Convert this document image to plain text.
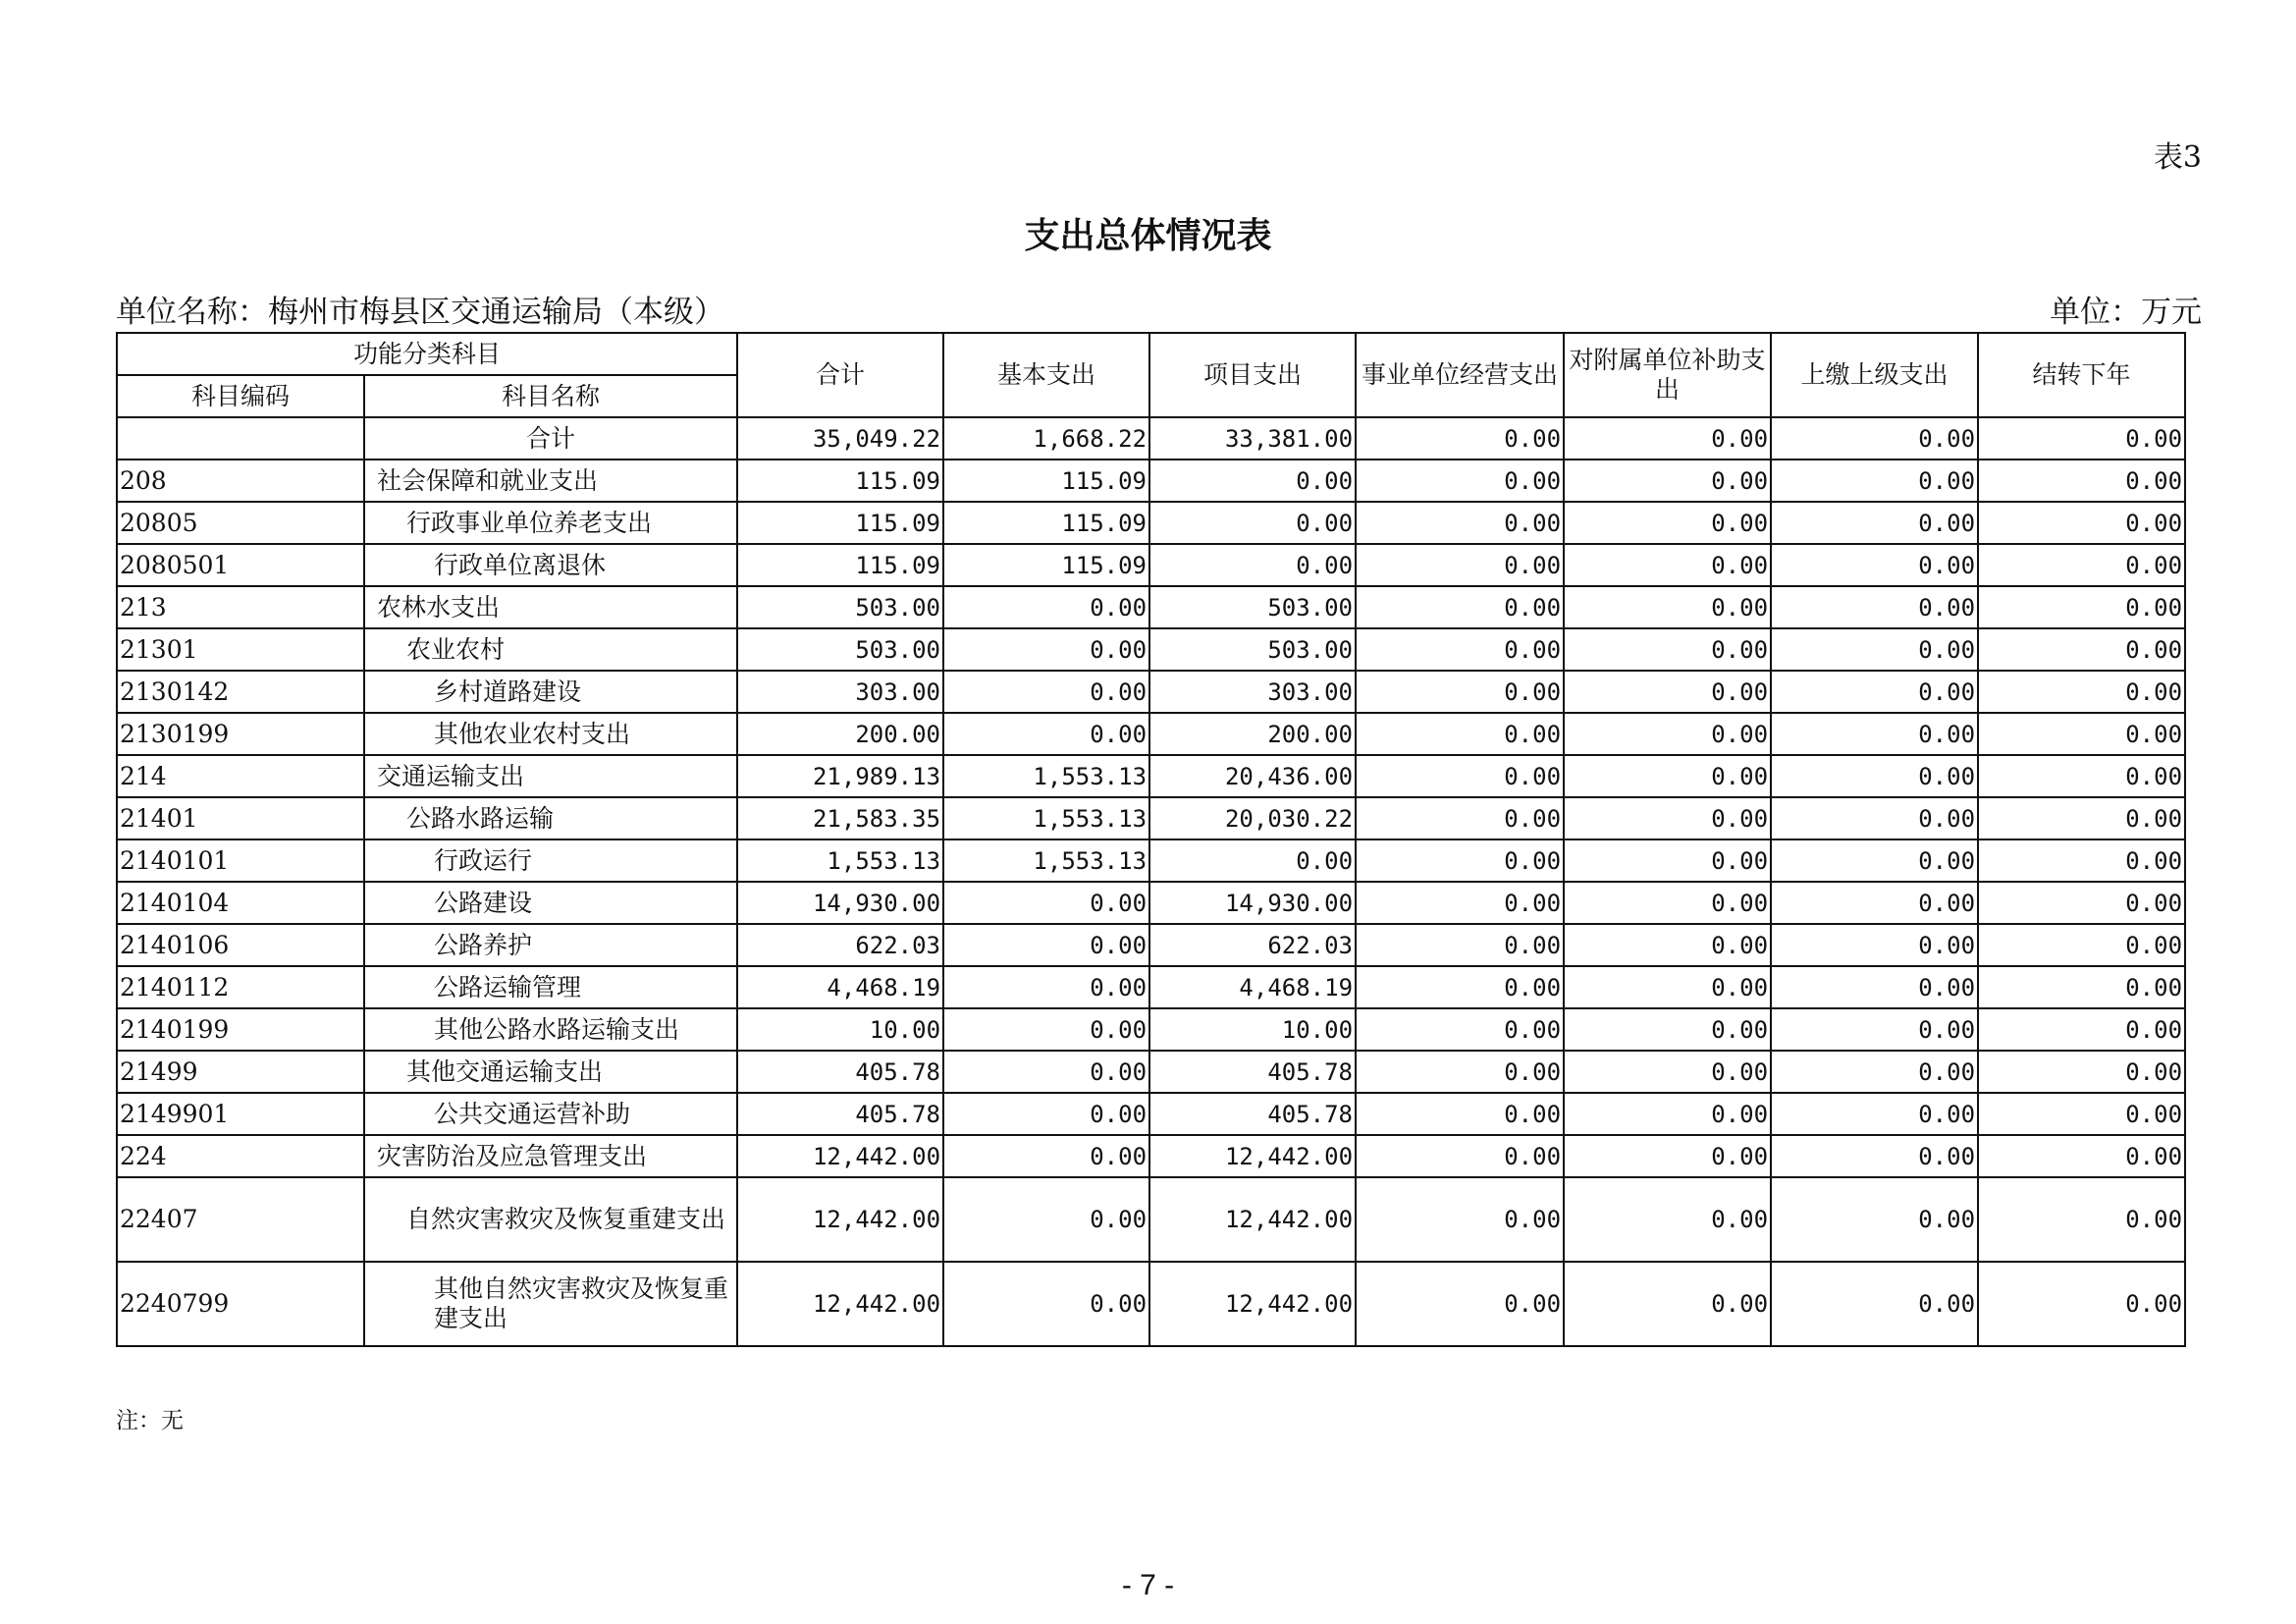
表3
支出总体情况表
单位名称：梅州市梅县区交通运输局（本级）	单位：万元
功能分类科目		合计	基本支出	项目支出	事业单位经营支出	对附属单位补助支出	上缴上级支出	结转下年
科目编码	科目名称							
	合计	35,049.22	1,668.22	33,381.00	0.00	0.00	0.00	0.00
208	社会保障和就业支出	115.09	115.09	0.00	0.00	0.00	0.00	0.00
20805	行政事业单位养老支出	115.09	115.09	0.00	0.00	0.00	0.00	0.00
2080501	行政单位离退休	115.09	115.09	0.00	0.00	0.00	0.00	0.00
213	农林水支出	503.00	0.00	503.00	0.00	0.00	0.00	0.00
21301	农业农村	503.00	0.00	503.00	0.00	0.00	0.00	0.00
2130142	乡村道路建设	303.00	0.00	303.00	0.00	0.00	0.00	0.00
2130199	其他农业农村支出	200.00	0.00	200.00	0.00	0.00	0.00	0.00
214	交通运输支出	21,989.13	1,553.13	20,436.00	0.00	0.00	0.00	0.00
21401	公路水路运输	21,583.35	1,553.13	20,030.22	0.00	0.00	0.00	0.00
2140101	行政运行	1,553.13	1,553.13	0.00	0.00	0.00	0.00	0.00
2140104	公路建设	14,930.00	0.00	14,930.00	0.00	0.00	0.00	0.00
2140106	公路养护	622.03	0.00	622.03	0.00	0.00	0.00	0.00
2140112	公路运输管理	4,468.19	0.00	4,468.19	0.00	0.00	0.00	0.00
2140199	其他公路水路运输支出	10.00	0.00	10.00	0.00	0.00	0.00	0.00
21499	其他交通运输支出	405.78	0.00	405.78	0.00	0.00	0.00	0.00
2149901	公共交通运营补助	405.78	0.00	405.78	0.00	0.00	0.00	0.00
224	灾害防治及应急管理支出	12,442.00	0.00	12,442.00	0.00	0.00	0.00	0.00
22407	自然灾害救灾及恢复重建支出	12,442.00	0.00	12,442.00	0.00	0.00	0.00	0.00
2240799	其他自然灾害救灾及恢复重建支出	12,442.00	0.00	12,442.00	0.00	0.00	0.00	0.00
注：无
- 7 -
